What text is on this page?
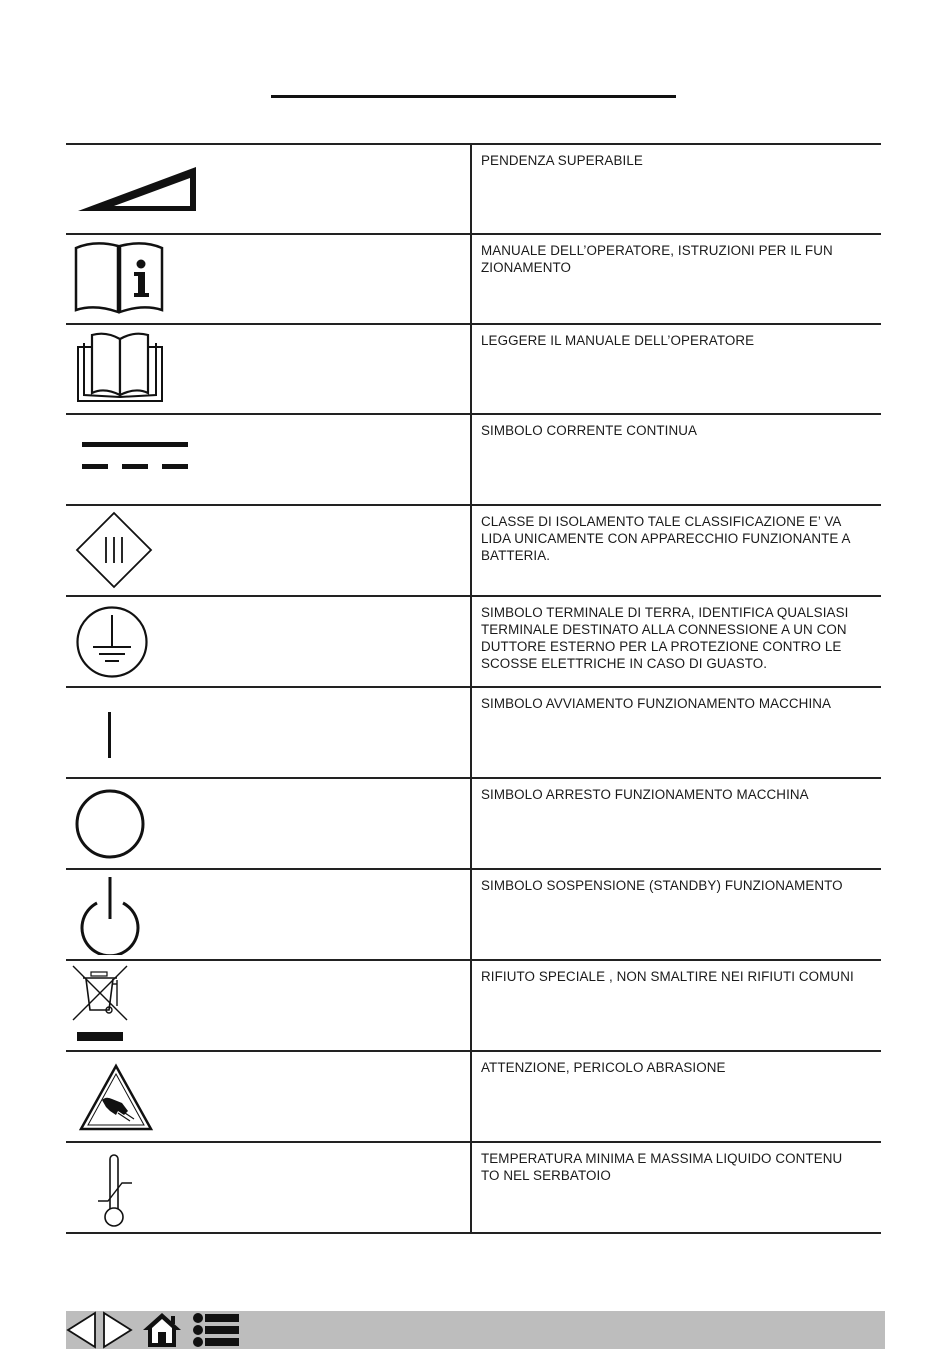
PENDENZA SUPERABILE
MANUALE DELL’OPERATORE, ISTRUZIONI PER IL FUN
ZIONAMENTO
LEGGERE IL MANUALE DELL’OPERATORE
SIMBOLO CORRENTE CONTINUA
CLASSE DI ISOLAMENTO TALE CLASSIFICAZIONE E’ VA
LIDA UNICAMENTE CON APPARECCHIO FUNZIONANTE A
BATTERIA.
SIMBOLO TERMINALE DI TERRA, IDENTIFICA QUALSIASI
TERMINALE DESTINATO ALLA CONNESSIONE A UN CON
DUTTORE ESTERNO PER LA PROTEZIONE CONTRO LE
SCOSSE ELETTRICHE IN CASO DI GUASTO.
SIMBOLO AVVIAMENTO FUNZIONAMENTO MACCHINA
SIMBOLO ARRESTO FUNZIONAMENTO MACCHINA
SIMBOLO SOSPENSIONE (STANDBY) FUNZIONAMENTO
RIFIUTO SPECIALE , NON SMALTIRE NEI RIFIUTI COMUNI
ATTENZIONE, PERICOLO ABRASIONE
TEMPERATURA MINIMA E MASSIMA LIQUIDO CONTENU
TO NEL SERBATOIO
